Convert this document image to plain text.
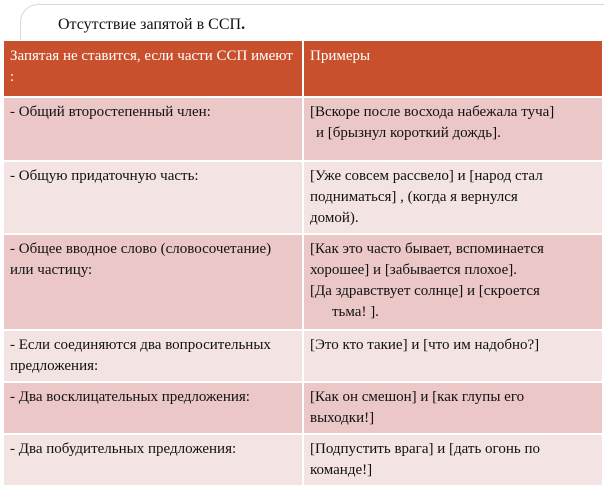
Отсутствие запятой в ССП.
Запятая не ставится, если части ССП имеют :	Примеры
- Общий второстепенный член:	[Вскоре после восхода набежала туча]
и [брызнул короткий дождь].

- Общую придаточную часть:	[Уже совсем рассвело] и [народ стал
подниматься] , (когда я вернулся
домой).

- Общее вводное слово (словосочетание) или частицу:	[Как это часто бывает, вспоминается
хорошее] и [забывается плохое].
[Да здравствует солнце] и [скроется
тьма! ].

- Если соединяются два вопросительных предложения:	[Это кто такие] и [что им надобно?]

- Два восклицательных предложения:	[Как он смешон] и [как глупы его
выходки!]

- Два побудительных предложения:	[Подпустить врага] и [дать огонь по
команде!]
